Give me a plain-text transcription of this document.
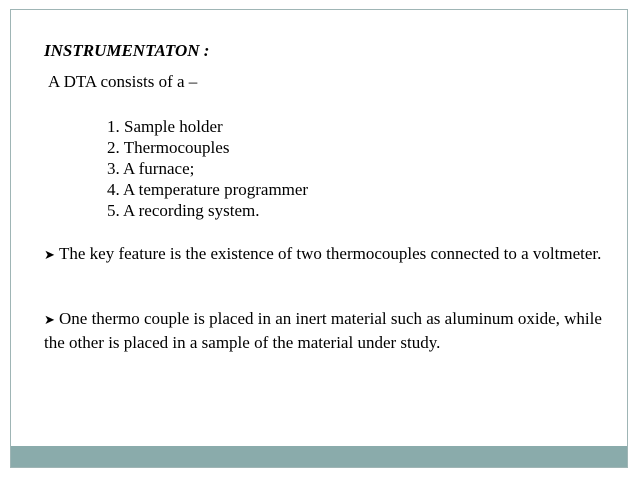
INSTRUMENTATON :
A DTA consists of a –
1. Sample holder
2. Thermocouples
3. A furnace;
4. A temperature programmer
5. A recording system.

➤ The key feature is the existence of two thermocouples connected to a voltmeter.

➤ One thermo couple is placed in an inert material such as aluminum oxide, while the other is placed in a sample of the material under study.
